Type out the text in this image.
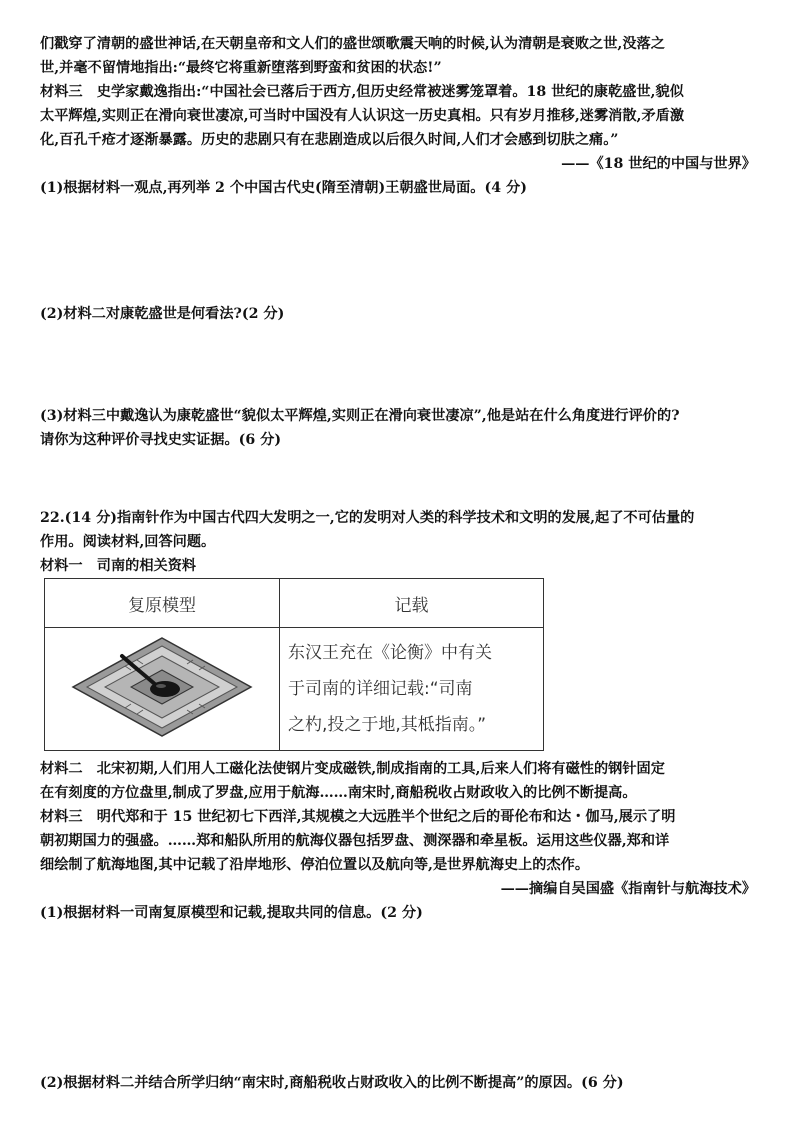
们戳穿了清朝的盛世神话,在天朝皇帝和文人们的盛世颂歌震天响的时候,认为清朝是衰败之世,没落之

世,并毫不留情地指出:“最终它将重新堕落到野蛮和贫困的状态!”

材料三　史学家戴逸指出:“中国社会已落后于西方,但历史经常被迷雾笼罩着。18 世纪的康乾盛世,貌似

太平辉煌,实则正在滑向衰世凄凉,可当时中国没有人认识这一历史真相。只有岁月推移,迷雾消散,矛盾激

化,百孔千疮才逐渐暴露。历史的悲剧只有在悲剧造成以后很久时间,人们才会感到切肤之痛。”

——《18 世纪的中国与世界》

(1)根据材料一观点,再列举 2 个中国古代史(隋至清朝)王朝盛世局面。(4 分)

(2)材料二对康乾盛世是何看法?(2 分)

(3)材料三中戴逸认为康乾盛世“貌似太平辉煌,实则正在滑向衰世凄凉”,他是站在什么角度进行评价的?

请你为这种评价寻找史实证据。(6 分)

22.(14 分)指南针作为中国古代四大发明之一,它的发明对人类的科学技术和文明的发展,起了不可估量的

作用。阅读材料,回答问题。

材料一　司南的相关资料

复原模型	记载

东汉王充在《论衡》中有关
于司南的详细记载:“司南
之杓,投之于地,其柢指南。”

材料二　北宋初期,人们用人工磁化法使钢片变成磁铁,制成指南的工具,后来人们将有磁性的钢针固定

在有刻度的方位盘里,制成了罗盘,应用于航海……南宋时,商船税收占财政收入的比例不断提高。

材料三　明代郑和于 15 世纪初七下西洋,其规模之大远胜半个世纪之后的哥伦布和达・伽马,展示了明

朝初期国力的强盛。……郑和船队所用的航海仪器包括罗盘、测深器和牵星板。运用这些仪器,郑和详

细绘制了航海地图,其中记载了沿岸地形、停泊位置以及航向等,是世界航海史上的杰作。

——摘编自吴国盛《指南针与航海技术》

(1)根据材料一司南复原模型和记载,提取共同的信息。(2 分)

(2)根据材料二并结合所学归纳“南宋时,商船税收占财政收入的比例不断提高”的原因。(6 分)
